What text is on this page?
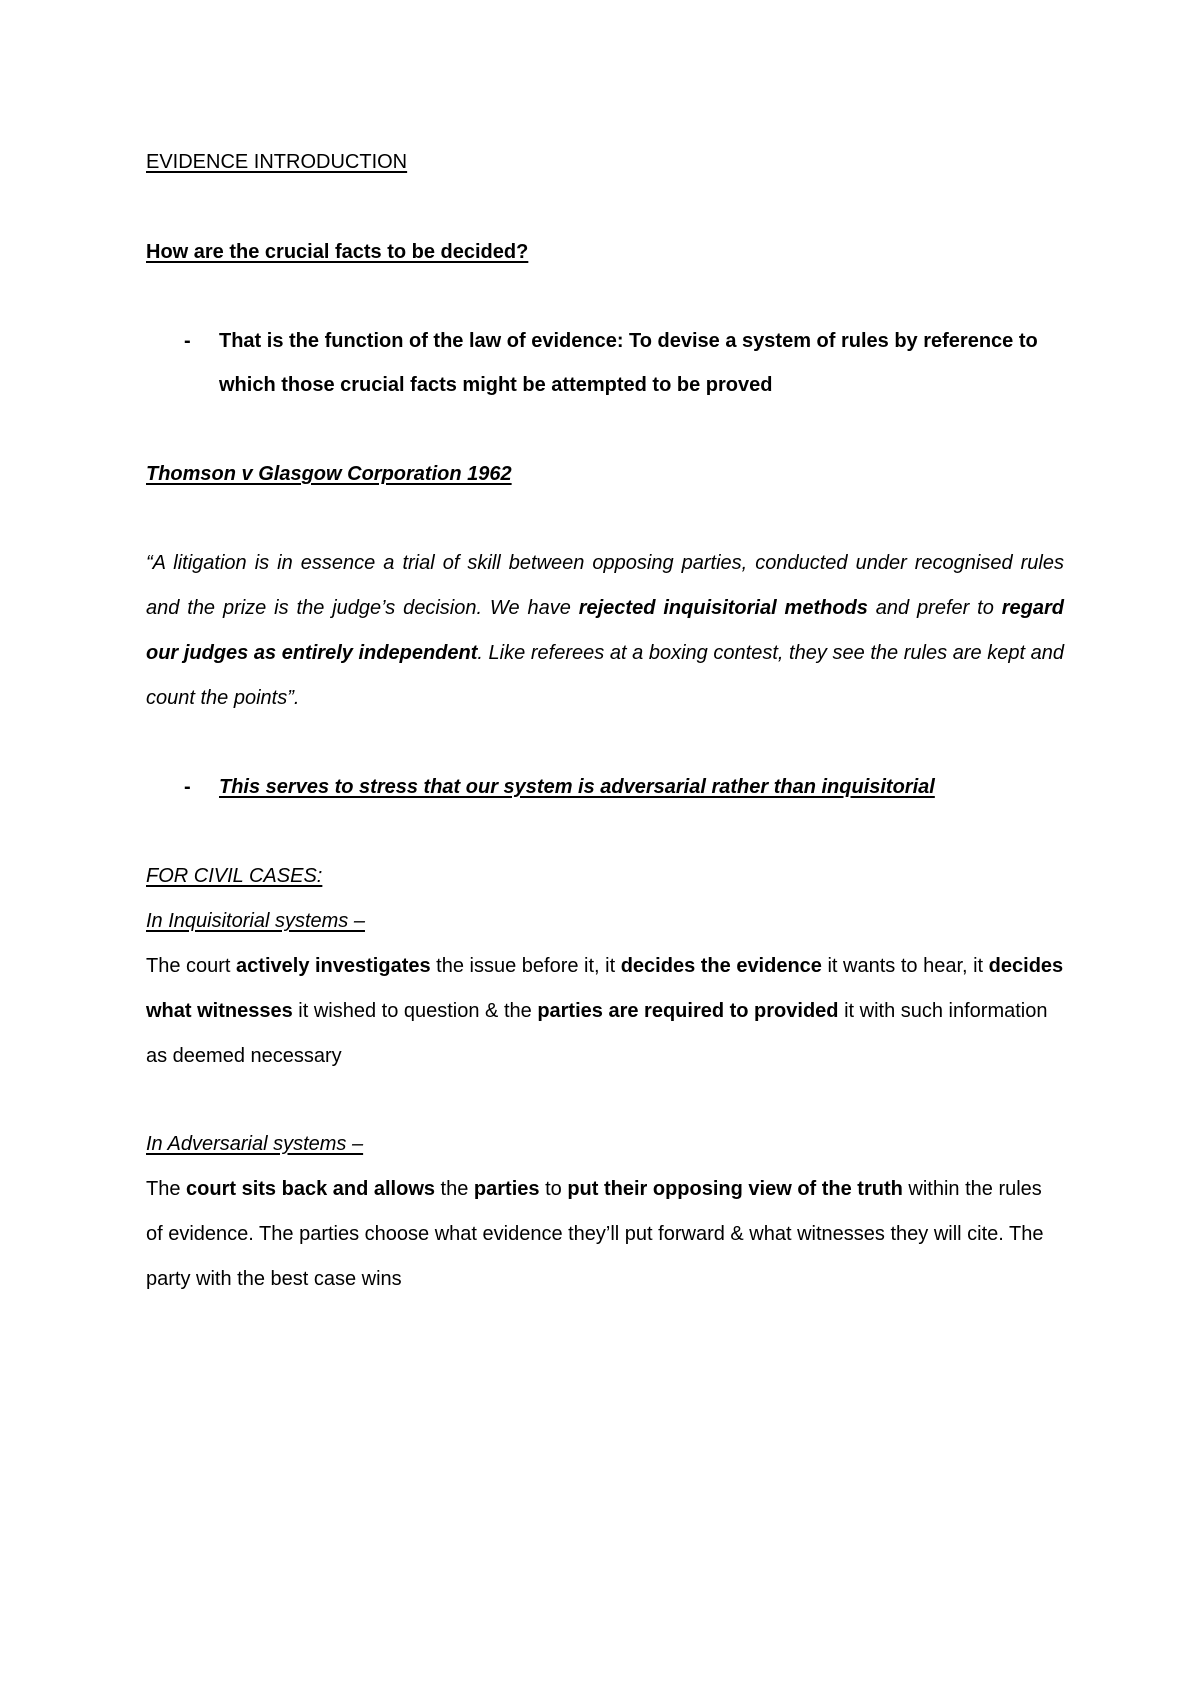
EVIDENCE INTRODUCTION
How are the crucial facts to be decided?
- That is the function of the law of evidence: To devise a system of rules by reference to which those crucial facts might be attempted to be proved

Thomson v Glasgow Corporation 1962

“A litigation is in essence a trial of skill between opposing parties, conducted under recognised rules and the prize is the judge’s decision. We have rejected inquisitorial methods and prefer to regard our judges as entirely independent. Like referees at a boxing contest, they see the rules are kept and count the points”.

- This serves to stress that our system is adversarial rather than inquisitorial

FOR CIVIL CASES:
In Inquisitorial systems –

The court actively investigates the issue before it, it decides the evidence it wants to hear, it decides what witnesses it wished to question & the parties are required to provided it with such information as deemed necessary

In Adversarial systems –

The court sits back and allows the parties to put their opposing view of the truth within the rules of evidence. The parties choose what evidence they’ll put forward & what witnesses they will cite. The party with the best case wins
